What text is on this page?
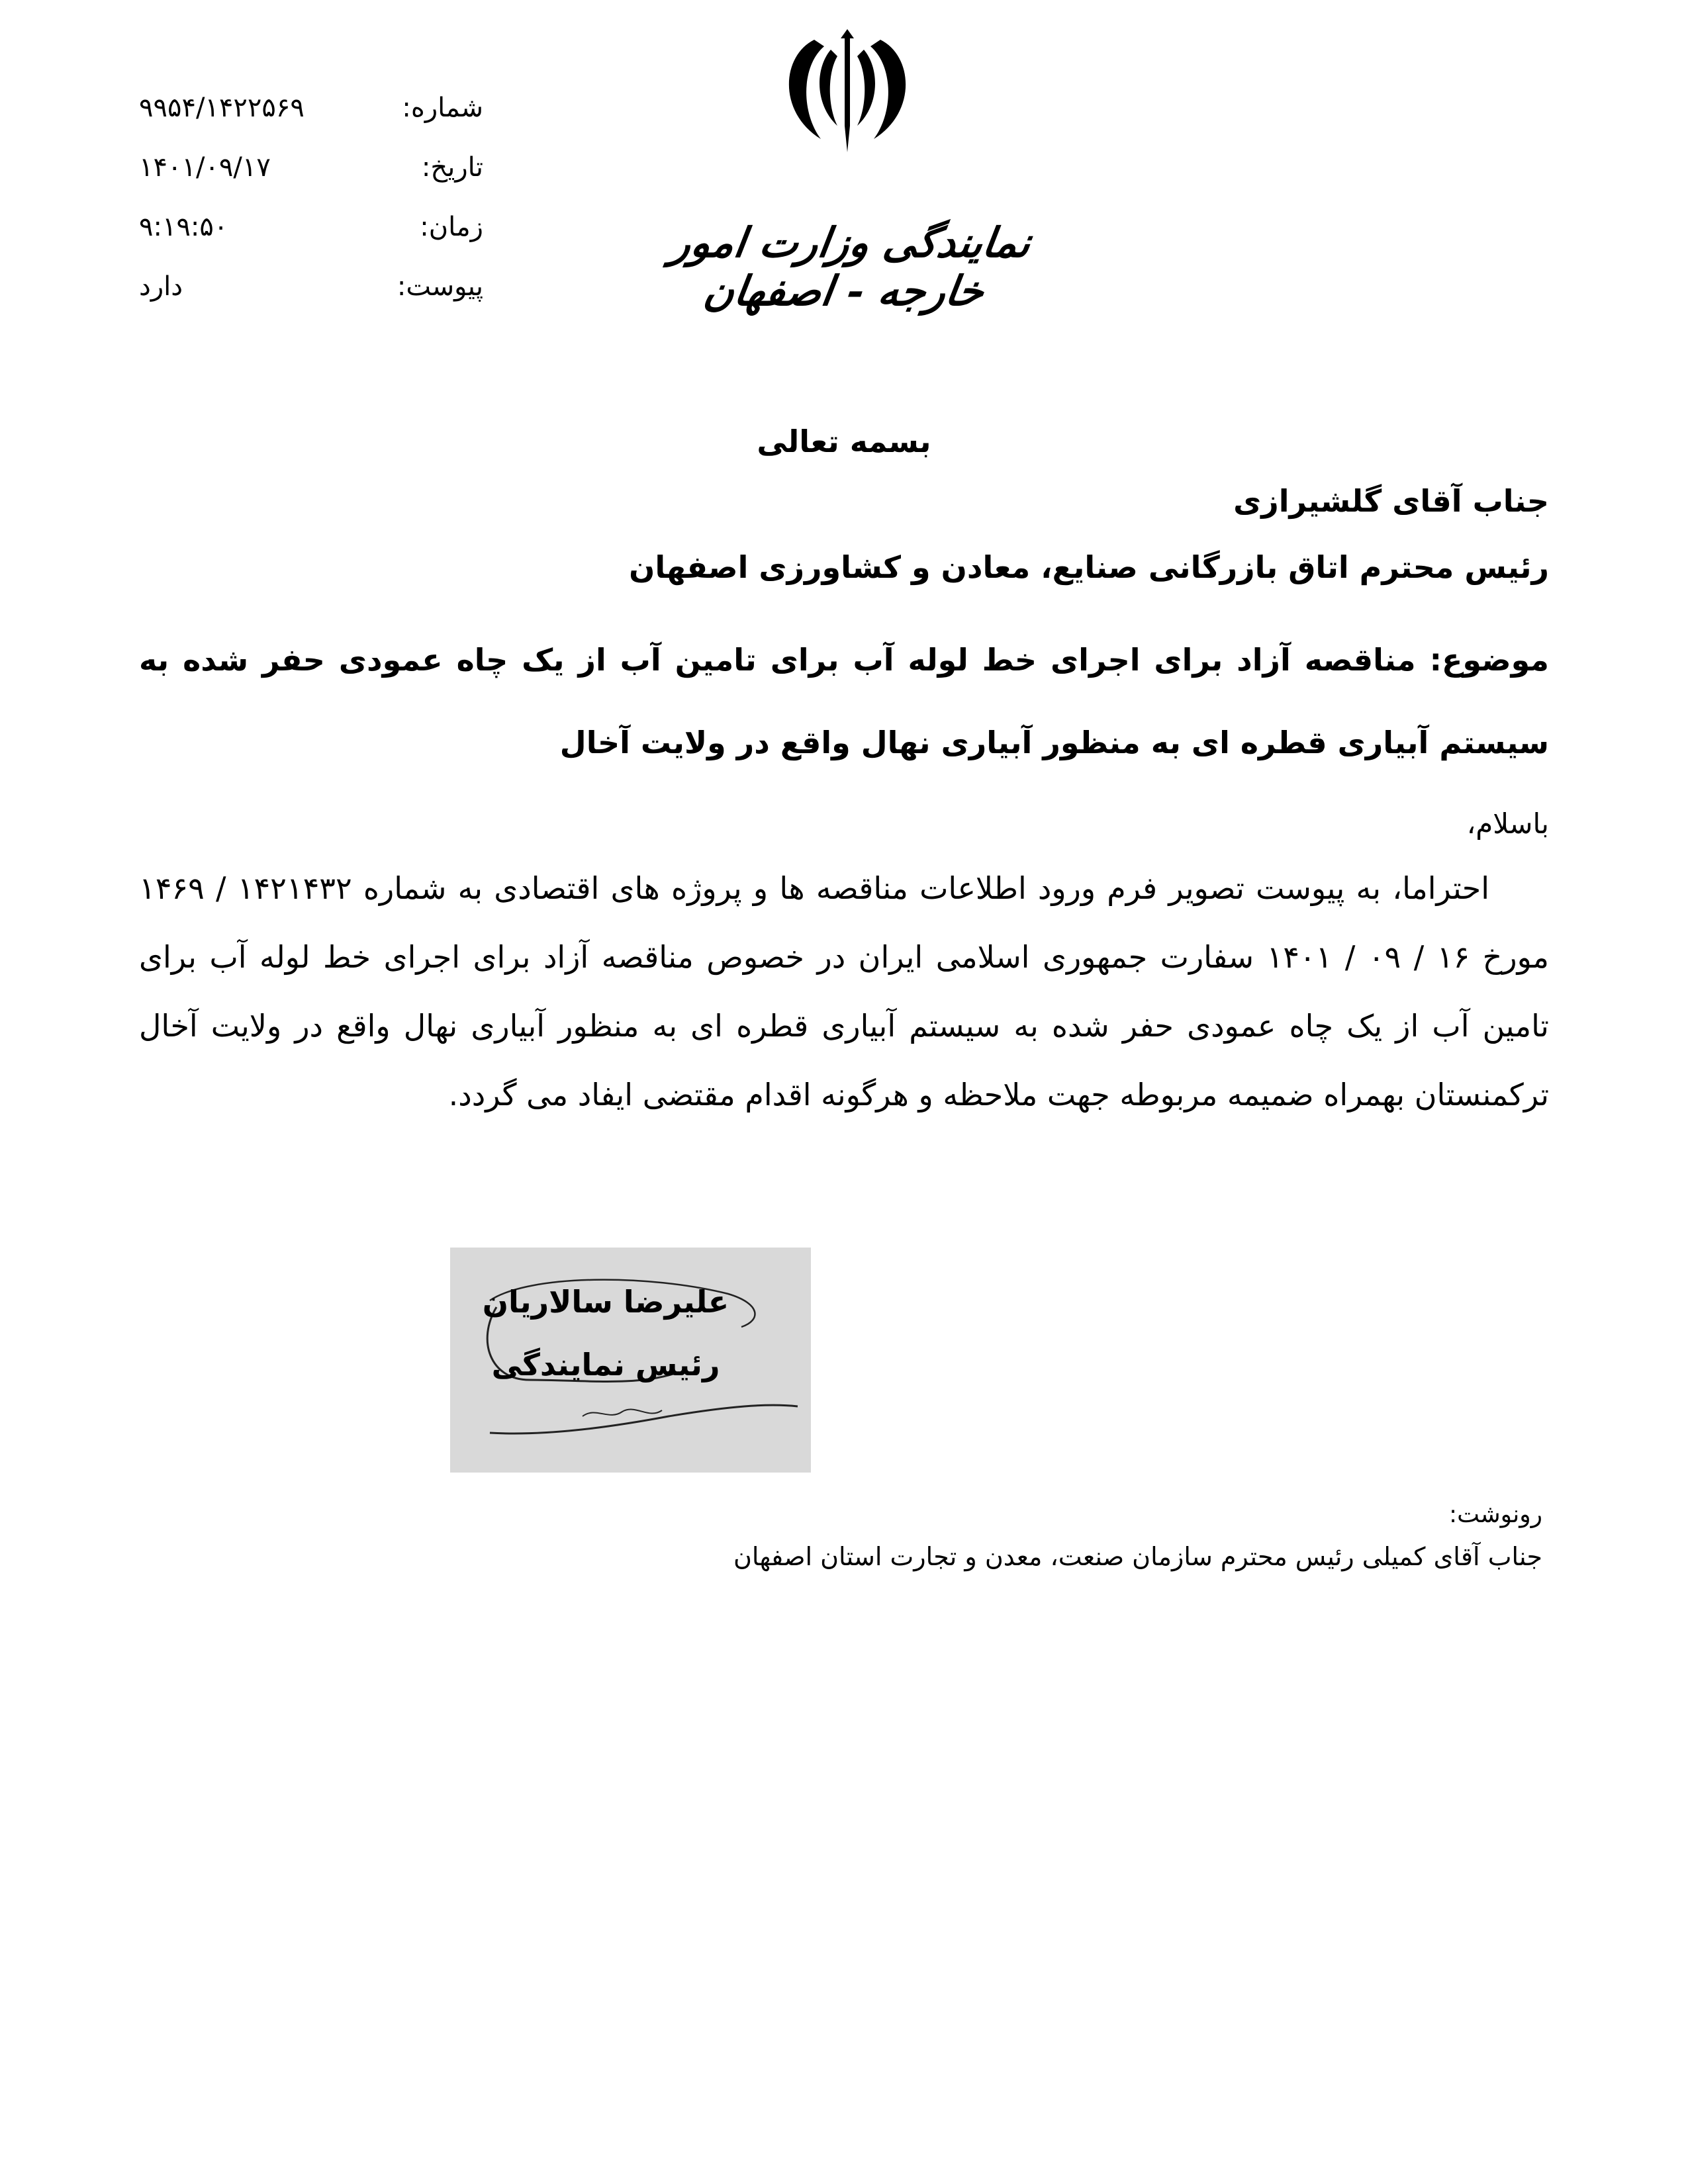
شماره:
۹۹۵۴/۱۴۲۲۵۶۹
تاریخ:
۱۴۰۱/۰۹/۱۷
زمان:
۹:۱۹:۵۰
پیوست:
دارد
نمایندگی وزارت امور خارجه - اصفهان
بسمه تعالی
جناب آقای گلشیرازی
رئیس محترم اتاق بازرگانی صنایع، معادن و کشاورزی اصفهان
موضوع: مناقصه آزاد برای اجرای خط لوله آب برای تامین آب از یک چاه عمودی حفر شده به سیستم آبیاری قطره ای به منظور آبیاری نهال واقع در ولایت آخال
باسلام،
احتراما، به پیوست تصویر فرم ورود اطلاعات مناقصه ها و پروژه های اقتصادی به شماره ۱۴۲۱۴۳۲ / ۱۴۶۹ مورخ ۱۶ / ۰۹ / ۱۴۰۱ سفارت جمهوری اسلامی ایران در خصوص مناقصه آزاد برای اجرای خط لوله آب برای تامین آب از یک چاه عمودی حفر شده به سیستم آبیاری قطره ای به منظور آبیاری نهال واقع در ولایت آخال ترکمنستان بهمراه ضمیمه مربوطه جهت ملاحظه و هرگونه اقدام مقتضی ایفاد می گردد.
علیرضا سالاریان
رئیس نمایندگی
رونوشت:
جناب آقای کمیلی رئیس محترم سازمان صنعت، معدن و تجارت استان اصفهان
